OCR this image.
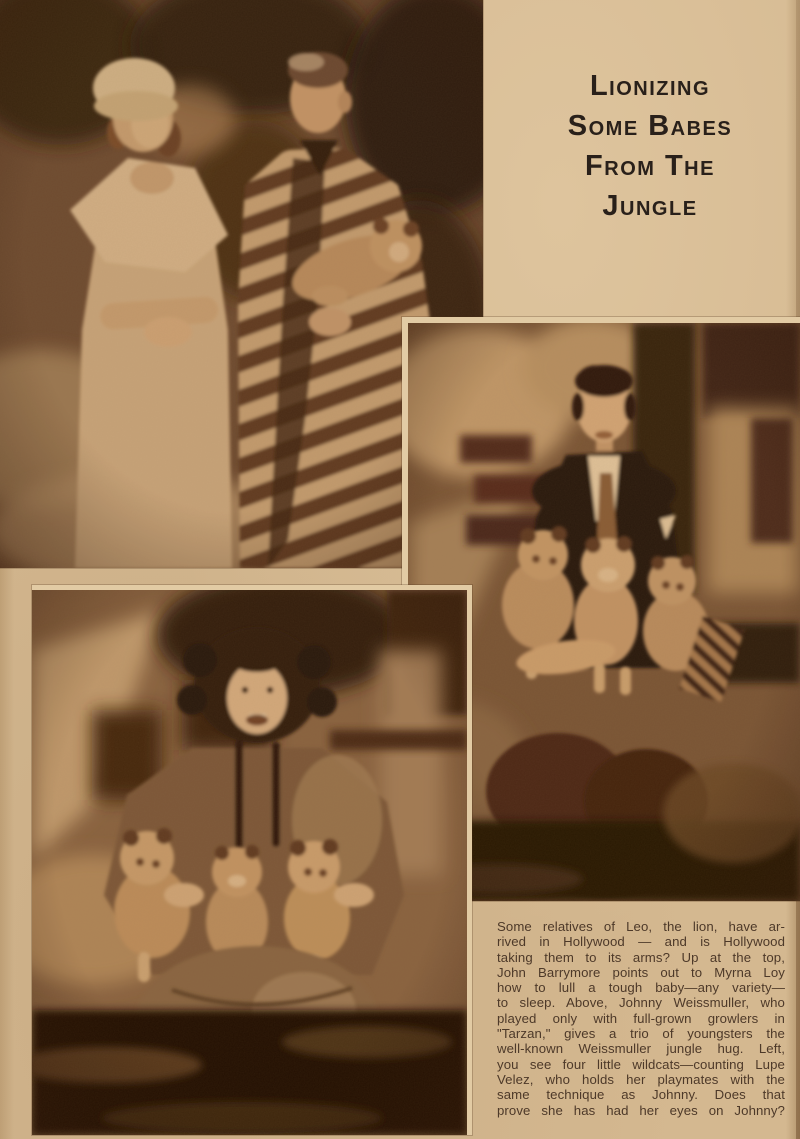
Lionizing
Some Babes
From The
Jungle
Some relatives of Leo, the lion, have ar-
rived in Hollywood — and is Hollywood
taking them to its arms? Up at the top,
John Barrymore points out to Myrna Loy
how to lull a tough baby—any variety—
to sleep. Above, Johnny Weissmuller, who
played only with full-grown growlers in
"Tarzan," gives a trio of youngsters the
well-known Weissmuller jungle hug. Left,
you see four little wildcats—counting Lupe
Velez, who holds her playmates with the
same technique as Johnny. Does that
prove she has had her eyes on Johnny?
